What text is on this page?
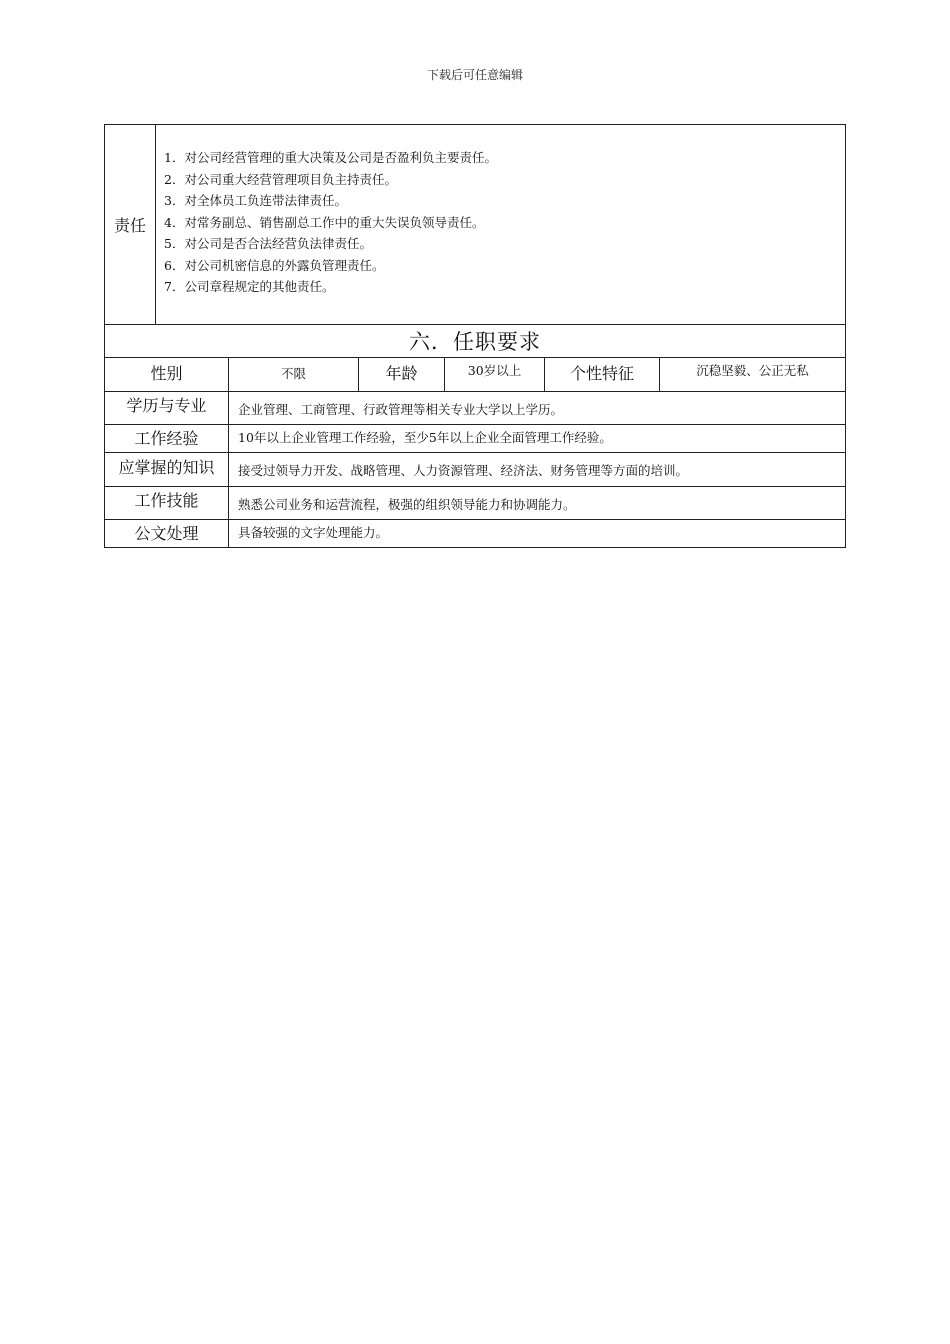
下载后可任意编辑
责任
1．对公司经营管理的重大决策及公司是否盈利负主要责任。
2．对公司重大经营管理项目负主持责任。
3．对全体员工负连带法律责任。
4．对常务副总、销售副总工作中的重大失误负领导责任。
5．对公司是否合法经营负法律责任。
6．对公司机密信息的外露负管理责任。
7．公司章程规定的其他责任。
六．任职要求
性别	不限	年龄	30岁以上	个性特征	沉稳坚毅、公正无私
学历与专业	企业管理、工商管理、行政管理等相关专业大学以上学历。
工作经验	10年以上企业管理工作经验，至少5年以上企业全面管理工作经验。
应掌握的知识	接受过领导力开发、战略管理、人力资源管理、经济法、财务管理等方面的培训。
工作技能	熟悉公司业务和运营流程，极强的组织领导能力和协调能力。
公文处理	具备较强的文字处理能力。
